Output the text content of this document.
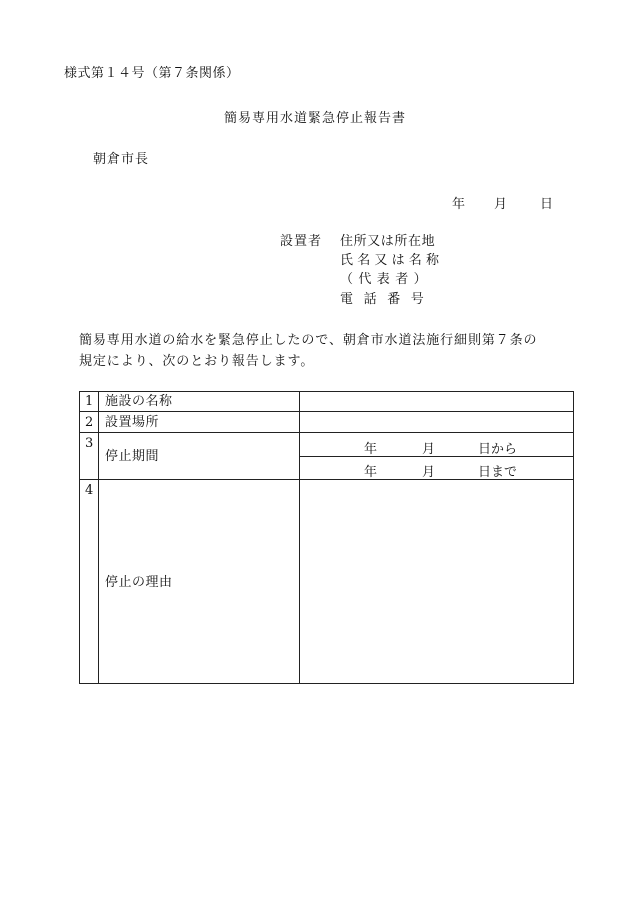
様式第１４号（第７条関係）
簡易専用水道緊急停止報告書
朝倉市長
年 月	日
設置者 住所又は所在地
氏名又は名称
（代表者）
電話番号
簡易専用水道の給水を緊急停止したので、朝倉市水道法施行細則第７条の
規定により、次のとおり報告します。
1 施設の名称
2 設置場所
3
停止期間	年	月	日から
年	月	日まで
4
停止の理由
